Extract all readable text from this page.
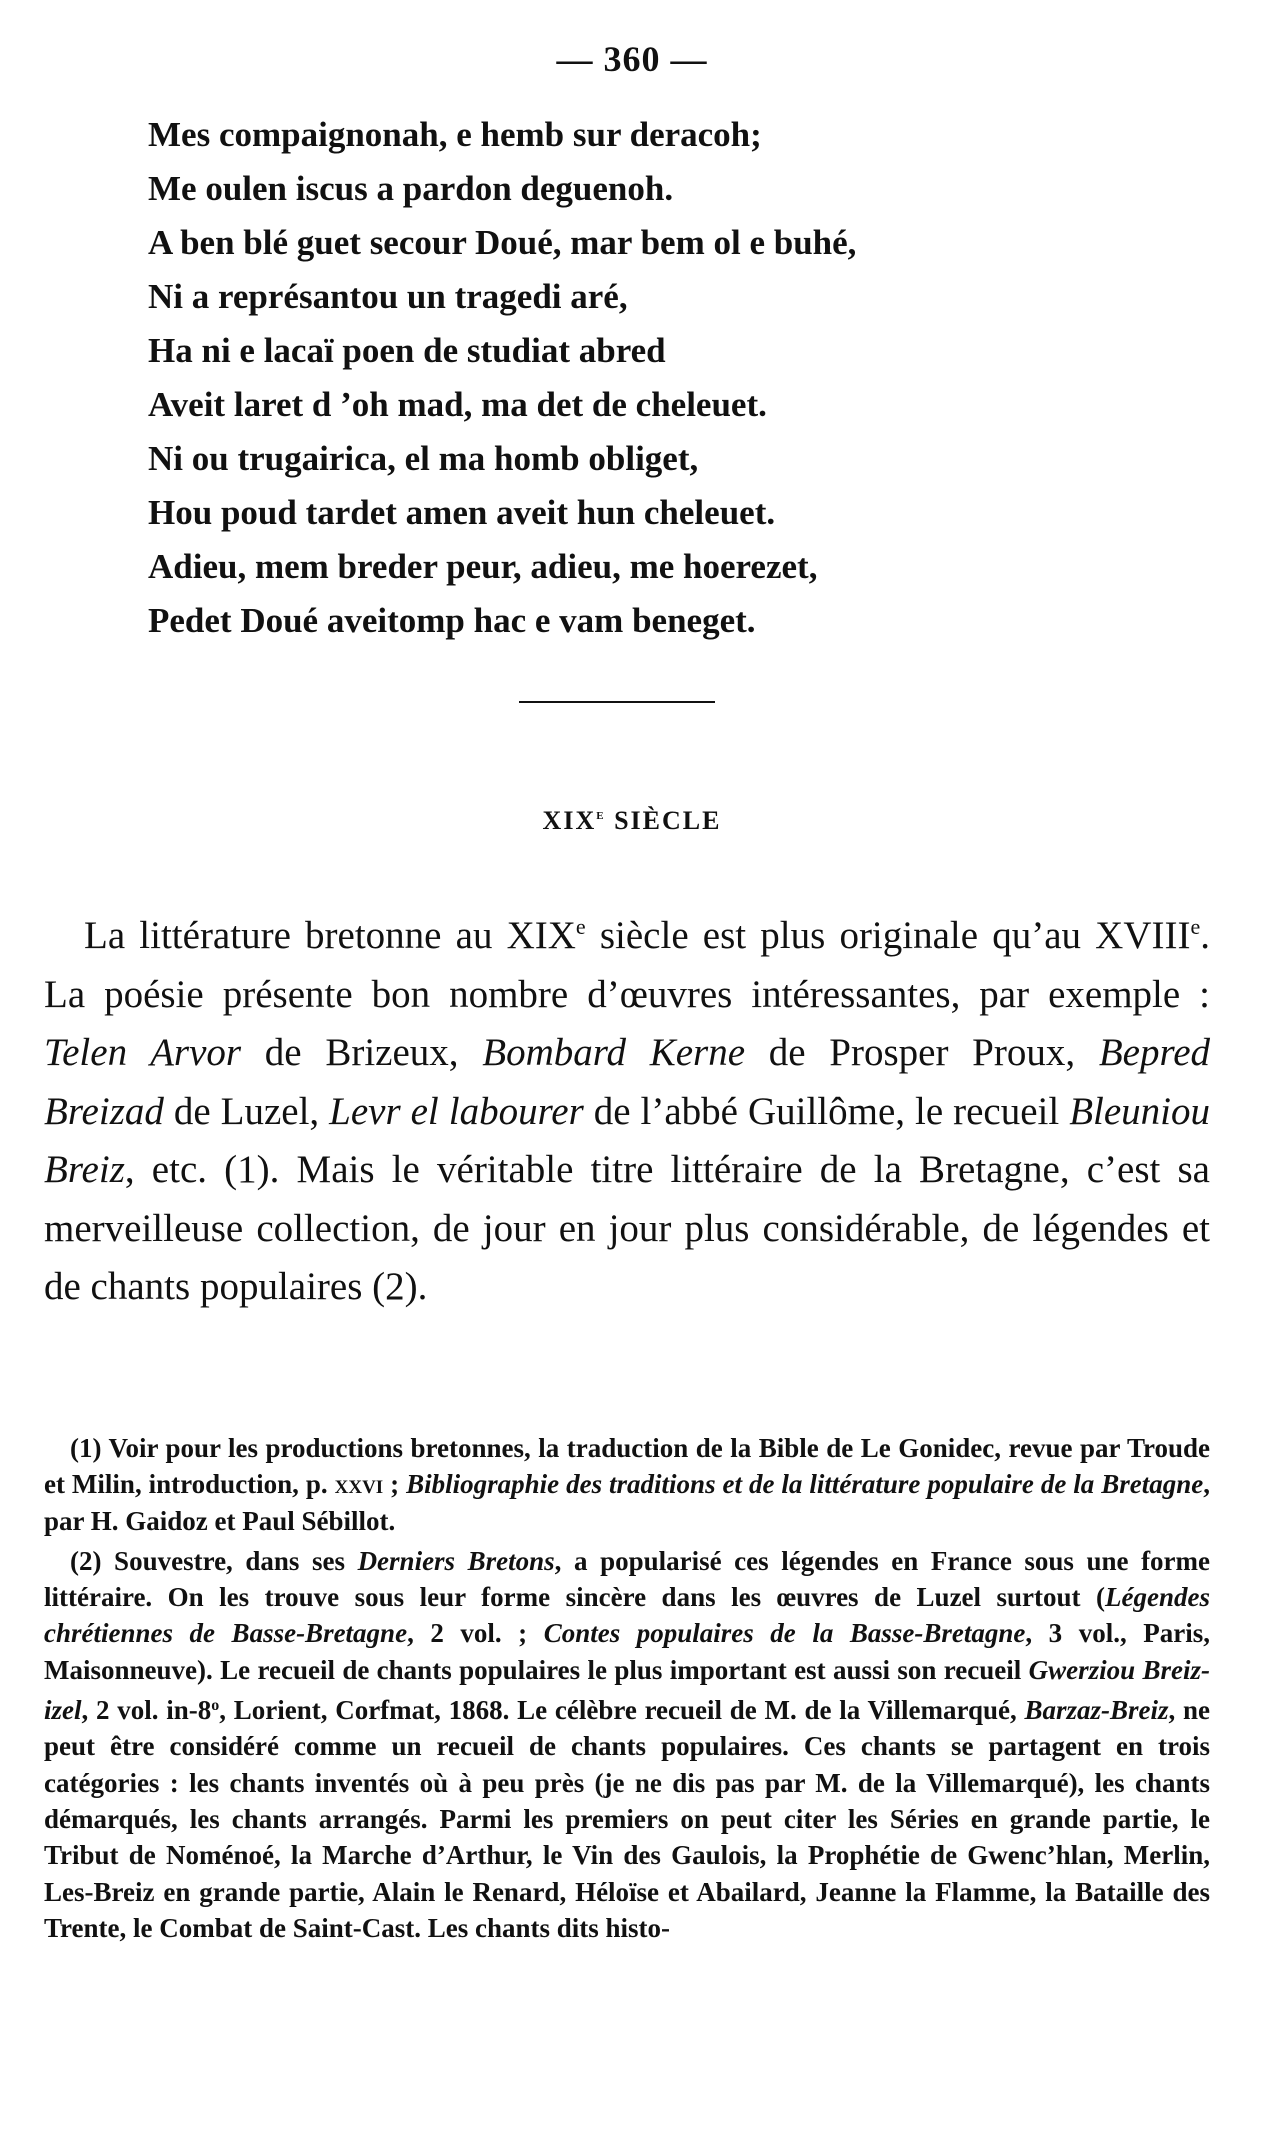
— 360 —
Mes compaignonah, e hemb sur deracoh;
Me oulen iscus a pardon deguenoh.
A ben blé guet secour Doué, mar bem ol e buhé,
Ni a représantou un tragedi aré,
Ha ni e lacaï poen de studiat abred
Aveit laret d ’oh mad, ma det de cheleuet.
Ni ou trugairica, el ma homb obliget,
Hou poud tardet amen aveit hun cheleuet.
Adieu, mem breder peur, adieu, me hoerezet,
Pedet Doué aveitomp hac e vam beneget.
XIXe SIÈCLE

La littérature bretonne au XIXe siècle est plus originale qu’au XVIIIe. La poésie présente bon nombre d’œuvres intéressantes, par exemple : Telen Arvor de Brizeux, Bombard Kerne de Prosper Proux, Bepred Breizad de Luzel, Levr el labourer de l’abbé Guillôme, le recueil Bleuniou Breiz, etc. (1). Mais le véritable titre littéraire de la Bretagne, c’est sa merveilleuse collection, de jour en jour plus considérable, de légendes et de chants populaires (2).

(1) Voir pour les productions bretonnes, la traduction de la Bible de Le Gonidec, revue par Troude et Milin, introduction, p. xxvi ; Bibliographie des traditions et de la littérature populaire de la Bretagne, par H. Gaidoz et Paul Sébillot.

(2) Souvestre, dans ses Derniers Bretons, a popularisé ces légendes en France sous une forme littéraire. On les trouve sous leur forme sincère dans les œuvres de Luzel surtout (Légendes chrétiennes de Basse-Bretagne, 2 vol. ; Contes populaires de la Basse-Bretagne, 3 vol., Paris, Maisonneuve). Le recueil de chants populaires le plus important est aussi son recueil Gwerziou Breiz-izel, 2 vol. in-8$^o$, Lorient, Corfmat, 1868. Le célèbre recueil de M. de la Villemarqué, Barzaz-Breiz, ne peut être considéré comme un recueil de chants populaires. Ces chants se partagent en trois catégories : les chants inventés où à peu près (je ne dis pas par M. de la Villemarqué), les chants démarqués, les chants arrangés. Parmi les premiers on peut citer les Séries en grande partie, le Tribut de Noménoé, la Marche d’Arthur, le Vin des Gaulois, la Prophétie de Gwenc’hlan, Merlin, Les-Breiz en grande partie, Alain le Renard, Héloïse et Abailard, Jeanne la Flamme, la Bataille des Trente, le Combat de Saint-Cast. Les chants dits histo-
